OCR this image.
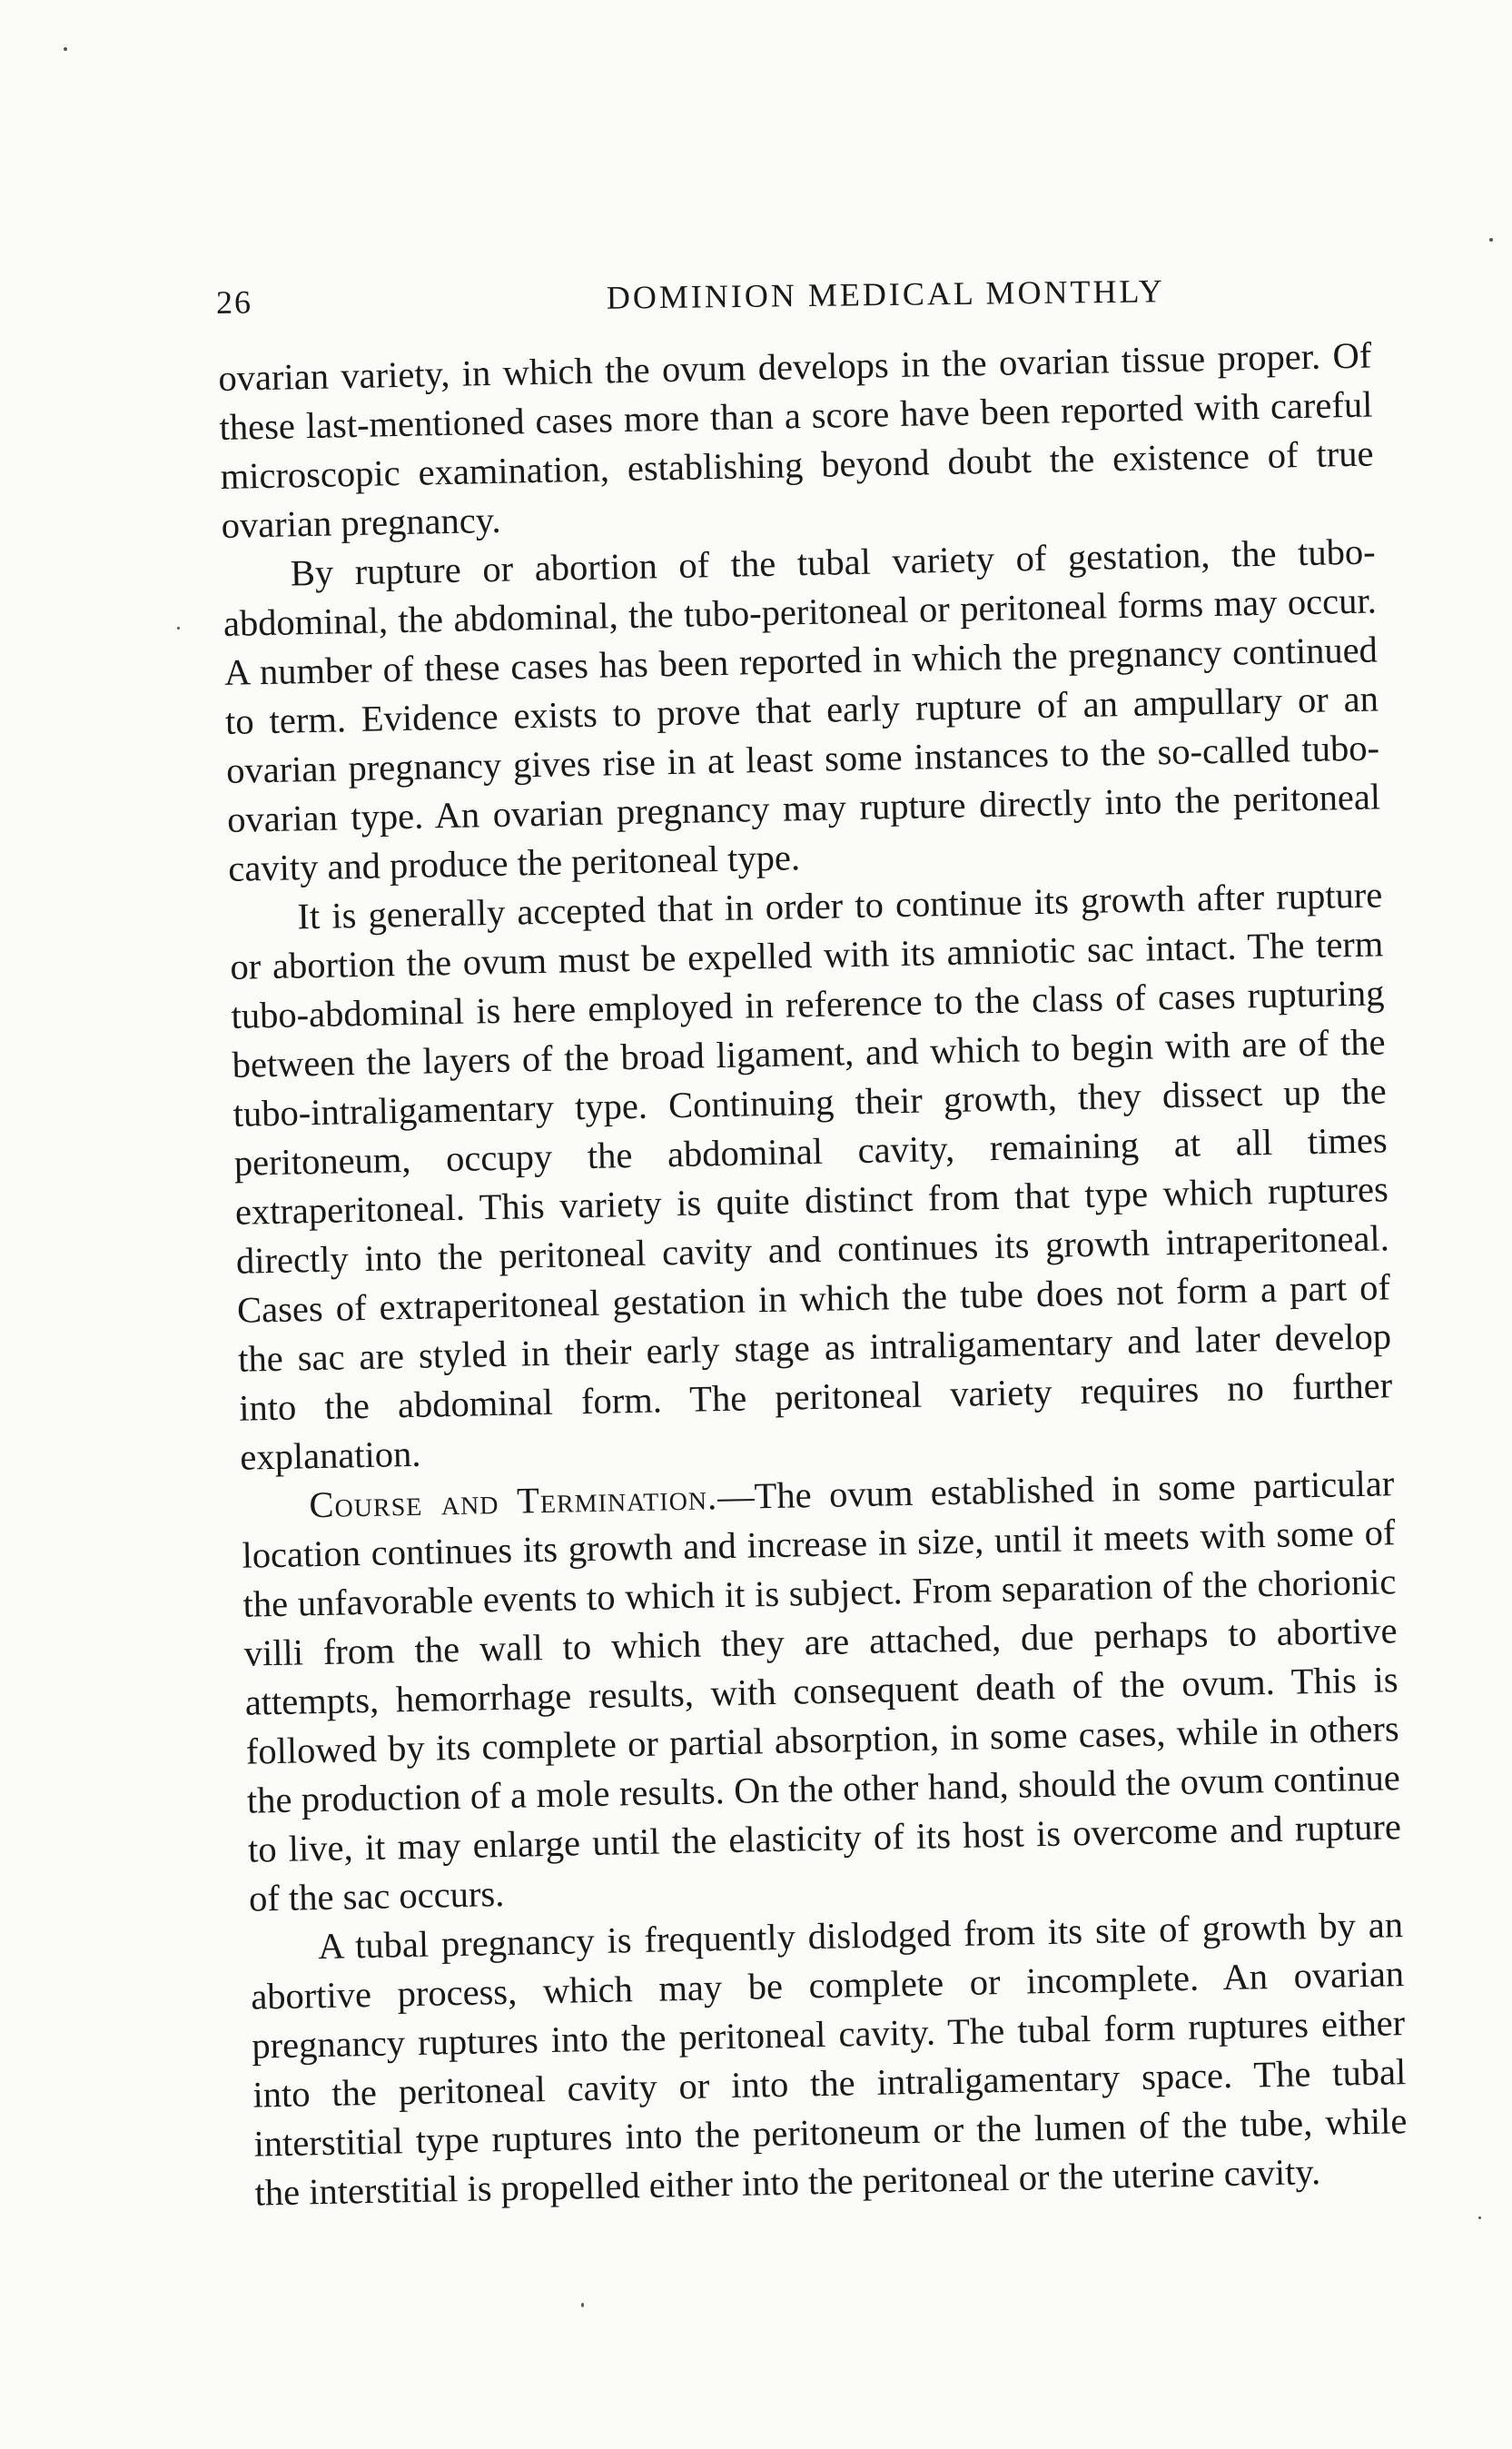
26	DOMINION MEDICAL MONTHLY

ovarian variety, in which the ovum develops in the ovarian tissue proper. Of these last-mentioned cases more than a score have been reported with careful microscopic examination, establishing beyond doubt the existence of true ovarian pregnancy.

By rupture or abortion of the tubal variety of gestation, the tubo-abdominal, the abdominal, the tubo-peritoneal or peritoneal forms may occur. A number of these cases has been reported in which the pregnancy continued to term. Evidence exists to prove that early rupture of an ampullary or an ovarian pregnancy gives rise in at least some instances to the so-called tubo-ovarian type. An ovarian pregnancy may rupture directly into the peritoneal cavity and produce the peritoneal type.

It is generally accepted that in order to continue its growth after rupture or abortion the ovum must be expelled with its amniotic sac intact. The term tubo-abdominal is here employed in reference to the class of cases rupturing between the layers of the broad ligament, and which to begin with are of the tubo-intraligamentary type. Continuing their growth, they dissect up the peritoneum, occupy the abdominal cavity, remaining at all times extraperitoneal. This variety is quite distinct from that type which ruptures directly into the peritoneal cavity and continues its growth intraperitoneal. Cases of extraperitoneal gestation in which the tube does not form a part of the sac are styled in their early stage as intraligamentary and later develop into the abdominal form. The peritoneal variety requires no further explanation.

Course and Termination.—The ovum established in some particular location continues its growth and increase in size, until it meets with some of the unfavorable events to which it is subject. From separation of the chorionic villi from the wall to which they are attached, due perhaps to abortive attempts, hemorrhage results, with consequent death of the ovum. This is followed by its complete or partial absorption, in some cases, while in others the production of a mole results. On the other hand, should the ovum continue to live, it may enlarge until the elasticity of its host is overcome and rupture of the sac occurs.

A tubal pregnancy is frequently dislodged from its site of growth by an abortive process, which may be complete or incomplete. An ovarian pregnancy ruptures into the peritoneal cavity. The tubal form ruptures either into the peritoneal cavity or into the intraligamentary space. The tubal interstitial type ruptures into the peritoneum or the lumen of the tube, while the interstitial is propelled either into the peritoneal or the uterine cavity.
